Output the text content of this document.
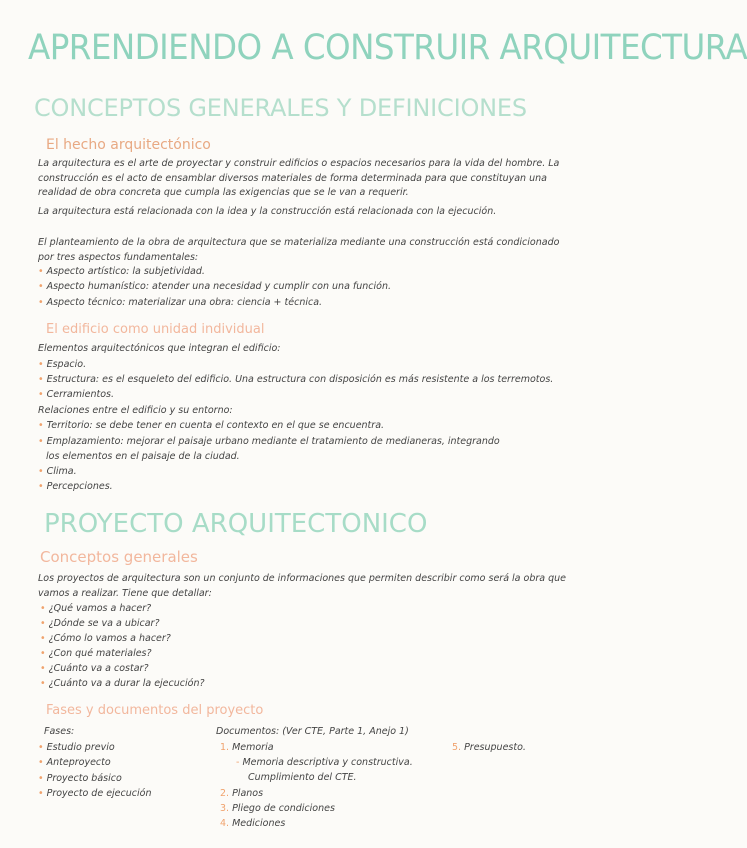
APRENDIENDO A CONSTRUIR ARQUITECTURA
CONCEPTOS GENERALES Y DEFINICIONES
El hecho arquitectónico
La arquitectura es el arte de proyectar y construir edificios o espacios necesarios para la vida del hombre. La construcción es el acto de ensamblar diversos materiales de forma determinada para que constituyan una realidad de obra concreta que cumpla las exigencias que se le van a requerir.
La arquitectura está relacionada con la idea y la construcción está relacionada con la ejecución.
El planteamiento de la obra de arquitectura que se materializa mediante una construcción está condicionado por tres aspectos fundamentales:
• Aspecto artístico: la subjetividad.
• Aspecto humanístico: atender una necesidad y cumplir con una función.
• Aspecto técnico: materializar una obra: ciencia + técnica.
El edificio como unidad individual
Elementos arquitectónicos que integran el edificio:
• Espacio.
• Estructura: es el esqueleto del edificio. Una estructura con disposición es más resistente a los terremotos.
• Cerramientos.
Relaciones entre el edificio y su entorno:
• Territorio: se debe tener en cuenta el contexto en el que se encuentra.
• Emplazamiento: mejorar el paisaje urbano mediante el tratamiento de medianeras, integrando
los elementos en el paisaje de la ciudad.
• Clima.
• Percepciones.
PROYECTO ARQUITECTONICO
Conceptos generales
Los proyectos de arquitectura son un conjunto de informaciones que permiten describir como será la obra que vamos a realizar. Tiene que detallar:
• ¿Qué vamos a hacer?
• ¿Dónde se va a ubicar?
• ¿Cómo lo vamos a hacer?
• ¿Con qué materiales?
• ¿Cuánto va a costar?
• ¿Cuánto va a durar la ejecución?
Fases y documentos del proyecto
Fases:
• Estudio previo
• Anteproyecto
• Proyecto básico
• Proyecto de ejecución
Documentos: (Ver CTE, Parte 1, Anejo 1)
1. Memoria
- Memoria descriptiva y constructiva.
Cumplimiento del CTE.
2. Planos
3. Pliego de condiciones
4. Mediciones
5. Presupuesto.
